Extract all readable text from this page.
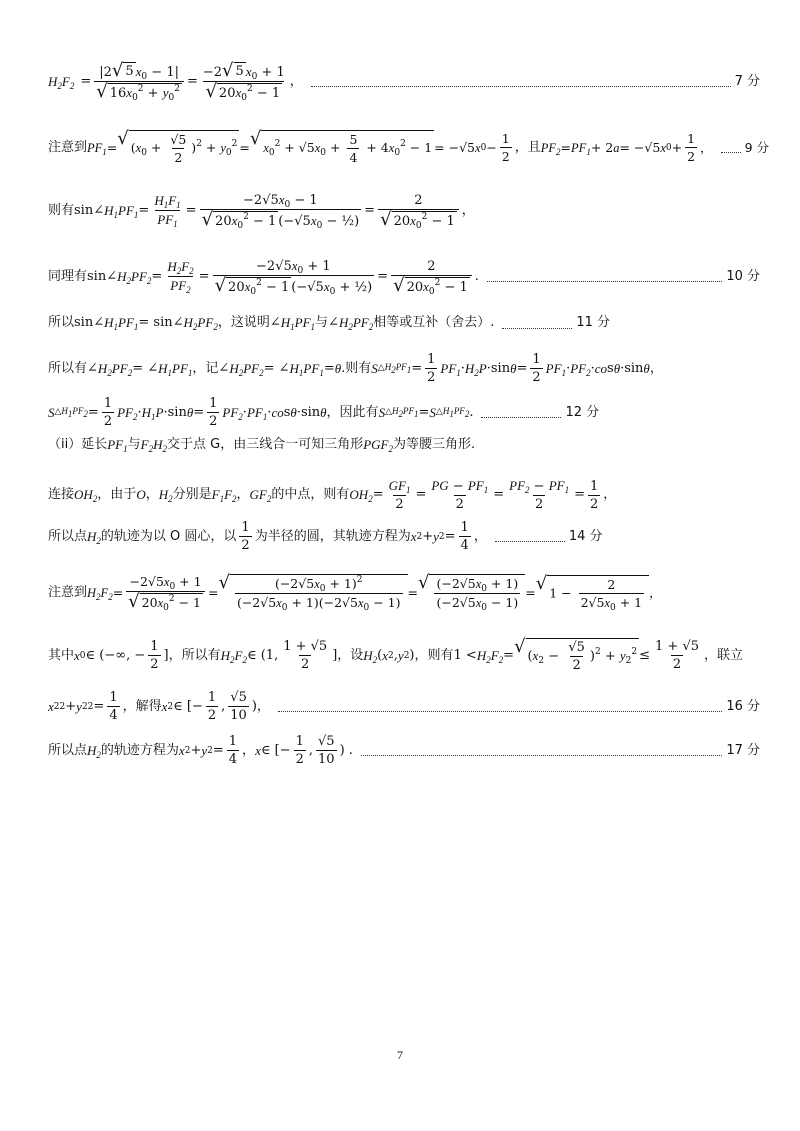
$H_2F_2 = \frac{|2 √ 5 x_0 - 1|}{√ 16x_0^2 + y_0^2} = \frac{-2 √ 5 x_0 + 1}{√ 20x_0^2 - 1}$ ，	7 分
注意到 $PF_1$ = √ $(x_0 + \frac{√5}{2} )^2 + y_0^2$ = √ $x_0^2 + √5x_0 + \frac{5}{4} + 4x_0^2 - 1 = -√5$ x $0 - \frac{1}{2}$ ，且 $PF_2 = PF_1 + 2$ a = −√5 x $0 + \frac{1}{2}$ ，	9 分
则有 sin∠ $H_1PF_1 = \frac{H_1F_1}{PF_1} = \frac{-2√5x_0 - 1}{√ 20x_0^2 - 1 (-√5x_0 - \frac{1}{2})} = \frac{2}{√ 20x_0^2 - 1}$ ，
同理有 sin∠ $H_2PF_2 = \frac{H_2F_2}{PF_2} = \frac{-2√5x_0 + 1}{√ 20x_0^2 - 1 (-√5x_0 + \frac{1}{2})} = \frac{2}{√ 20x_0^2 - 1}$ .	10 分
所以 sin∠ $H_1PF_1$ = sin∠ $H_2PF_2$ ，这说明 ∠ $H_1PF_1$ 与 ∠ $H_2PF_2$ 相等或互补（舍去）.	11 分
所以有 ∠ $H_2PF_2$ = ∠ $H_1PF_1$ ，记 ∠ $H_2PF_2$ = ∠ $H_1PF_1 = \theta$ . 则有 S $\triangle H_2PF_1 = \frac{1}{2} PF_1 \cdot H_2P \cdot\sin$ $\theta = \frac{1}{2} PF_1 \cdot PF_2$ · co s θ ·sin θ ，
S $\triangle H_1PF_2 = \frac{1}{2} PF_2 \cdot H_1P \cdot\sin$ $\theta = \frac{1}{2} PF_2 \cdot PF_1$ · co s θ ·sin θ ，因此有 S $\triangle H_2PF_1 = S$ $\triangle H_1PF_2$ .	12 分
（ii）延长 $PF_1$ 与 $F_2H_2$ 交于点 G，由三线合一可知三角形 $PGF_2$ 为等腰三角形.
连接 $OH_2$ ，由于 O ， $H_2$ 分别是 $F_1F_2$ ， $GF_2$ 的中点，则有 $OH_2 = \frac{GF_1}{2} = \frac{PG - PF_1}{2} = \frac{PF_2 - PF_1}{2} = \frac{1}{2}$ ，
所以点 $H_2$ 的轨迹为以 O 圆心，以 $\frac{1}{2}$ 为半径的圆，其轨迹方程为 x 2 + y $2 = \frac{1}{4}$ ，	14 分
注意到 $H_2F_2 = \frac{-2√5x_0 + 1}{√ 20x_0^2 - 1}$ = √ $\frac{(-2√5x_0 + 1)^2}{(-2√5x_0 + 1)(-2√5x_0 - 1)}$ = √ $\frac{(-2√5x_0 + 1)}{(-2√5x_0 - 1)}$ = √ $1 - \frac{2}{2√5x_0 + 1}$ ，
其中 x 0 ∈ (−∞, − $\frac{1}{2}$ ] ，所以有 $H_2F_2$ ∈ (1, $\frac{1 + √5}{2}$ ] ，设 $H_2$ ( x 2 , y 2 ) ，则有 $1 < H_2F_2$ = √ $(x_2 - \frac{√5}{2} )^2 + y_2^2 \le \frac{1 + √5}{2}$ ，联立
x 2 2 + y 2 $2 = \frac{1}{4}$ ，解得 x 2 ∈ [− $\frac{1}{2}$ , $\frac{√5}{10}$ )，	16 分
所以点 $H_2$ 的轨迹方程为 x 2 + y $2 = \frac{1}{4}$ ， x ∈ [− $\frac{1}{2}$ , $\frac{√5}{10}$ ) .	17 分
7
